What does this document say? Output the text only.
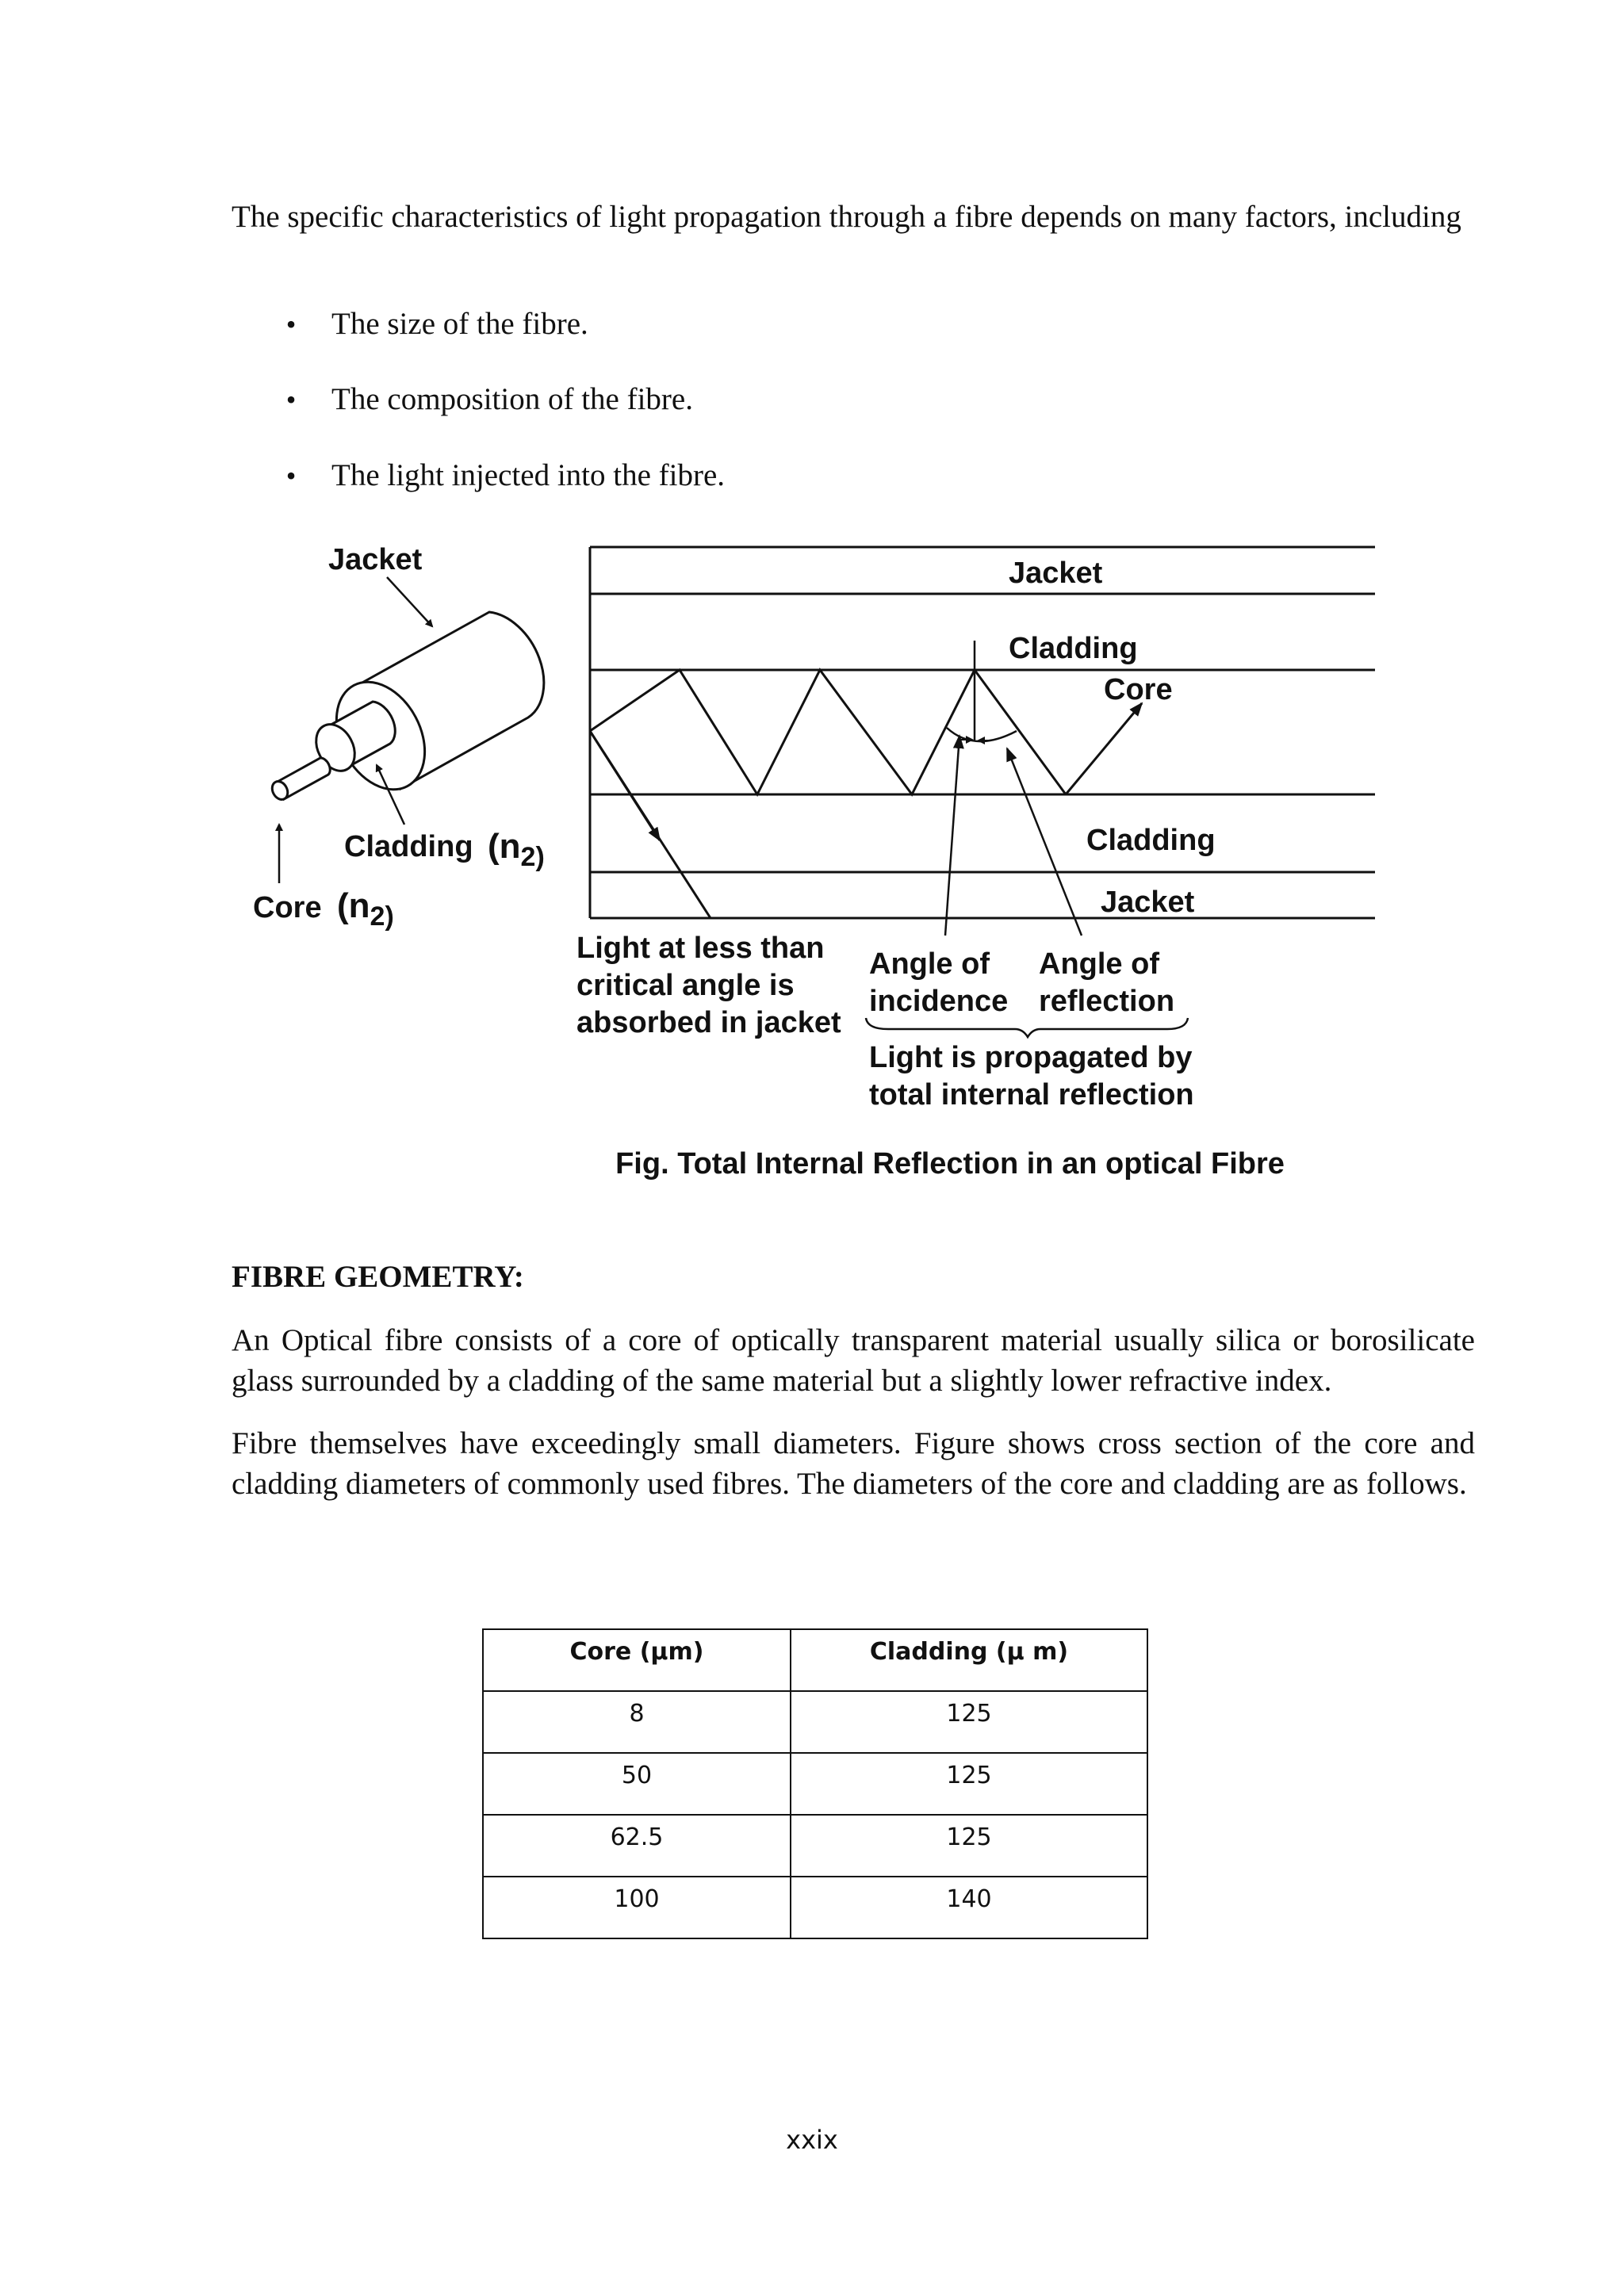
The specific characteristics of light propagation through a fibre depends on many factors, including

• The size of the fibre.
• The composition of the fibre.
• The light injected into the fibre.
Jacket
Cladding ($n_{2)}$
Core ($n_{2)}$
Jacket
Cladding
Core
Cladding
Jacket
Light at less than
critical angle is
absorbed in jacket
Angle of
incidence
Angle of
reflection
Light is propagated by
total internal reflection
Fig. Total Internal Reflection in an optical Fibre
FIBRE GEOMETRY:

An Optical fibre consists of a core of optically transparent material usually silica or borosilicate glass surrounded by a cladding of the same material but a slightly lower refractive index.

Fibre themselves have exceedingly small diameters. Figure shows cross section of the core and cladding diameters of commonly used fibres. The diameters of the core and cladding are as follows.

Core (μm)	Cladding (μ m)
8	125
50	125
62.5	125
100	140
xxix
